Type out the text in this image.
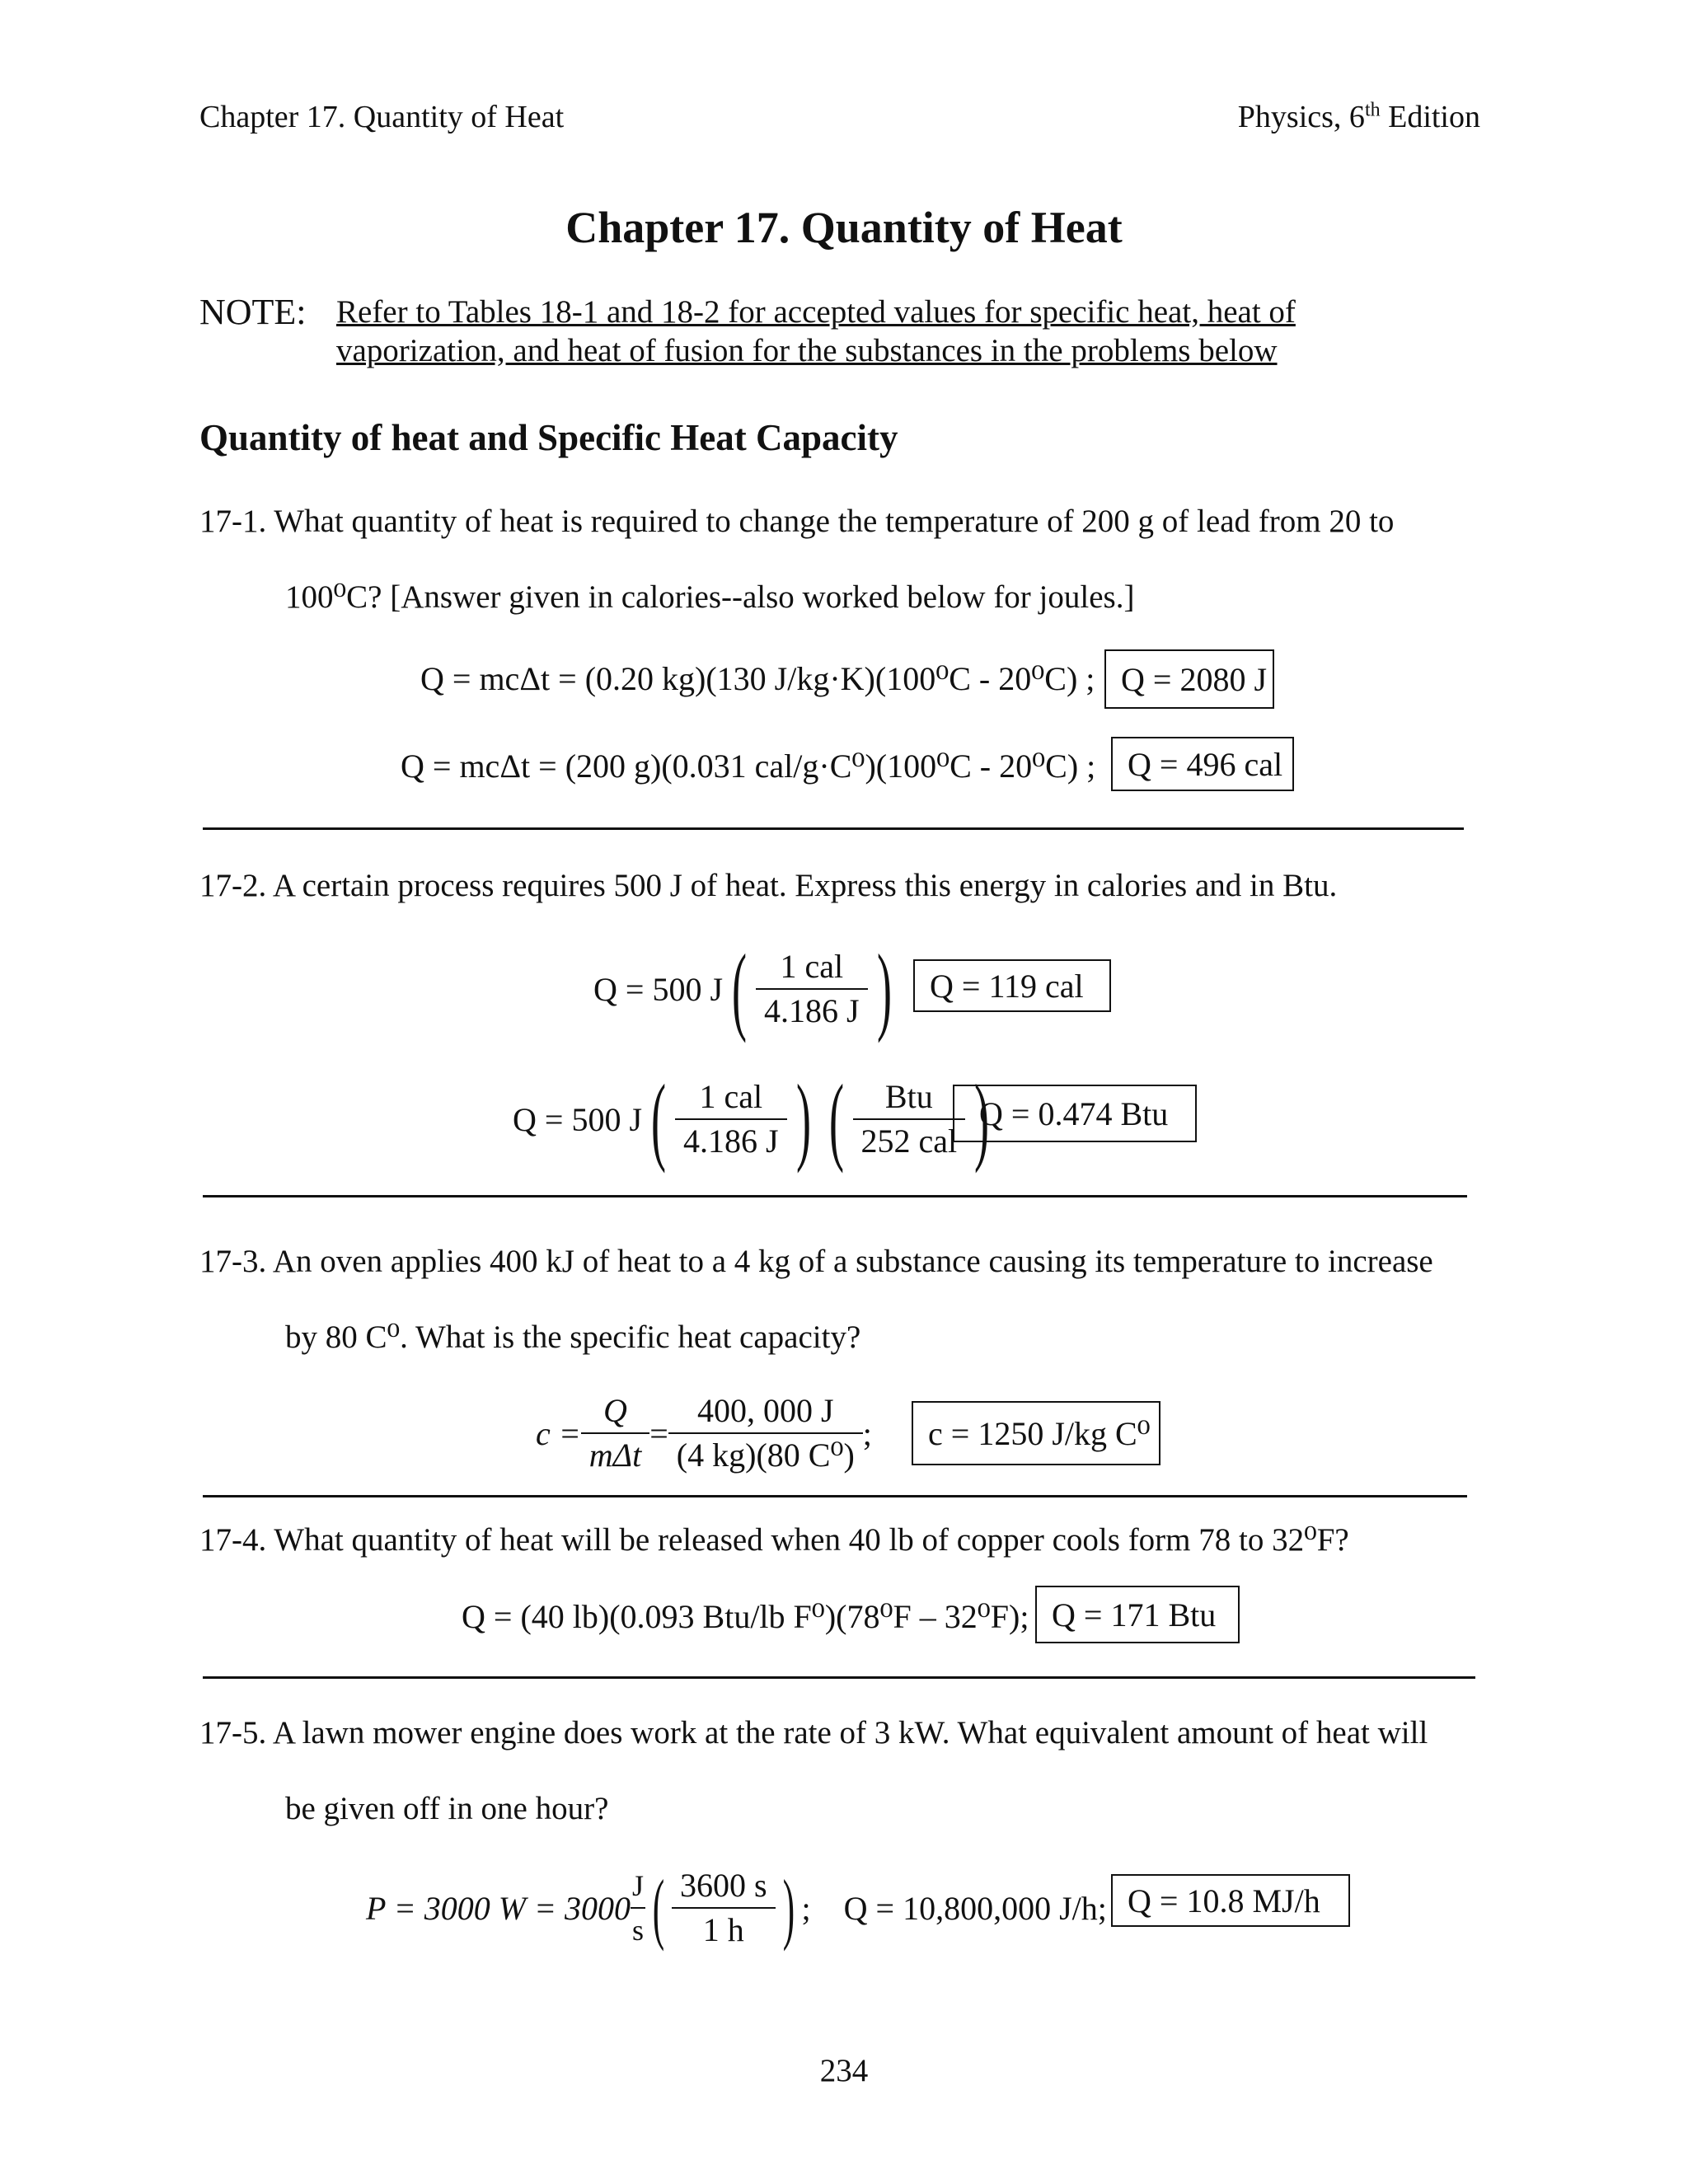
Chapter 17. Quantity of Heat	Physics, 6th Edition
Chapter 17. Quantity of Heat
NOTE: Refer to Tables 18-1 and 18-2 for accepted values for specific heat, heat of
vaporization, and heat of fusion for the substances in the problems below
Quantity of heat and Specific Heat Capacity
17-1. What quantity of heat is required to change the temperature of 200 g of lead from 20 to
100⁰C? [Answer given in calories--also worked below for joules.]
Q = mcΔt = (0.20 kg)(130 J/kg·K)(100⁰C - 20⁰C) ; Q = 2080 J
Q = mcΔt = (200 g)(0.031 cal/g·C⁰)(100⁰C - 20⁰C) ; Q = 496 cal
17-2. A certain process requires 500 J of heat. Express this energy in calories and in Btu.
Q = 500 J ( $\frac{\text{1 cal}}{4.186 J}$ )	Q = 119 cal
Q = 500 J ( $\frac{\text{1 cal}}{4.186 J}$ ) ( $\frac{\text{Btu}}{\text{252 cal}}$ )
Q = 0.474 Btu
17-3. An oven applies 400 kJ of heat to a 4 kg of a substance causing its temperature to increase
by 80 C⁰. What is the specific heat capacity?
$c = \frac{Q}{\text{mΔt}} = \frac{400, 000 J}{\text{(4 kg)(80 C⁰)}}$ ;	c = 1250 J/kg C⁰
17-4. What quantity of heat will be released when 40 lb of copper cools form 78 to 32⁰F?
Q = (40 lb)(0.093 Btu/lb F⁰)(78⁰F – 32⁰F); Q = 171 Btu
17-5. A lawn mower engine does work at the rate of 3 kW. What equivalent amount of heat will
be given off in one hour?
P = 3000 $W = 3000 \frac{J}{s}$ ( $\frac{3600 s}{1 h}$ ) ;    Q = 10,800,000 J/h; Q = 10.8 MJ/h
234
